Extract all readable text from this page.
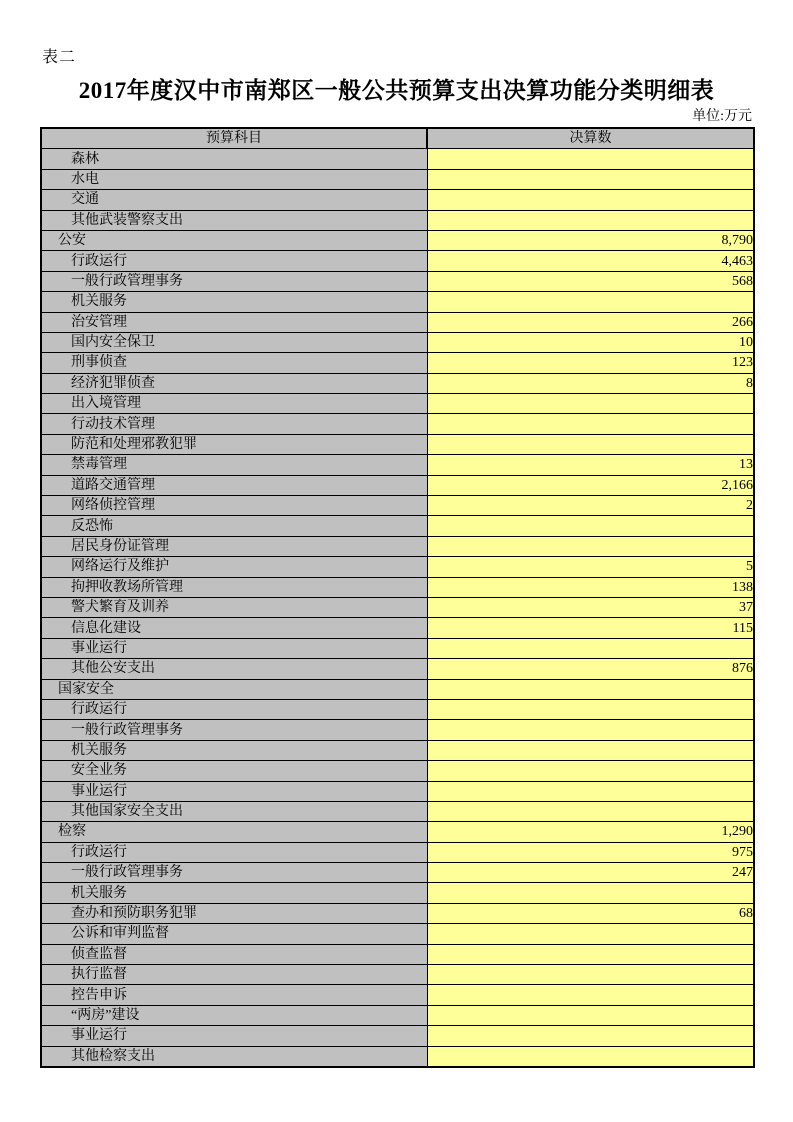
表二
2017年度汉中市南郑区一般公共预算支出决算功能分类明细表
单位:万元
预算科目	决算数
森林	
水电	
交通	
其他武装警察支出	
公安	8,790
行政运行	4,463
一般行政管理事务	568
机关服务	
治安管理	266
国内安全保卫	10
刑事侦查	123
经济犯罪侦查	8
出入境管理	
行动技术管理	
防范和处理邪教犯罪	
禁毒管理	13
道路交通管理	2,166
网络侦控管理	2
反恐怖	
居民身份证管理	
网络运行及维护	5
拘押收教场所管理	138
警犬繁育及训养	37
信息化建设	115
事业运行	
其他公安支出	876
国家安全	
行政运行	
一般行政管理事务	
机关服务	
安全业务	
事业运行	
其他国家安全支出	
检察	1,290
行政运行	975
一般行政管理事务	247
机关服务	
查办和预防职务犯罪	68
公诉和审判监督	
侦查监督	
执行监督	
控告申诉	
“两房”建设	
事业运行	
其他检察支出	
